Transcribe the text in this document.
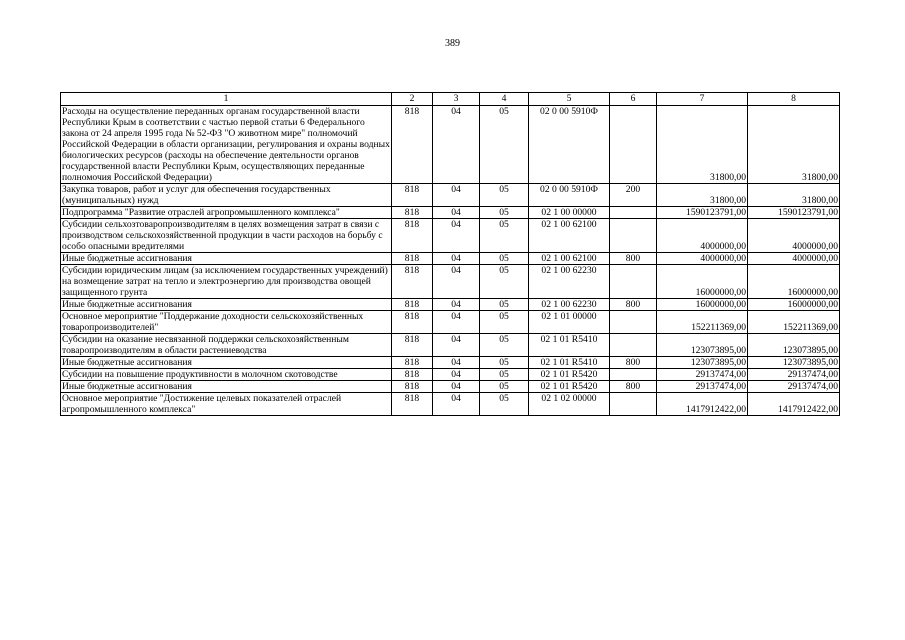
389
1	2	3	4	5	6	7	8
Расходы на осуществление переданных органам государственной власти Республики Крым в соответствии с частью первой статьи 6 Федерального закона от 24 апреля 1995 года № 52-ФЗ "О животном мире" полномочий Российской Федерации в области организации, регулирования и охраны водных биологических ресурсов (расходы на обеспечение деятельности органов государственной власти Республики Крым, осуществляющих переданные полномочия Российской Федерации)	818	04	05	02 0 00 5910Ф		31800,00	31800,00
Закупка товаров, работ и услуг для обеспечения государственных (муниципальных) нужд	818	04	05	02 0 00 5910Ф	200	31800,00	31800,00
Подпрограмма "Развитие отраслей агропромышленного комплекса"	818	04	05	02 1 00 00000		1590123791,00	1590123791,00
Субсидии сельхозтоваропроизводителям в целях возмещения затрат в связи с производством сельскохозяйственной продукции в части расходов на борьбу с особо опасными вредителями	818	04	05	02 1 00 62100		4000000,00	4000000,00
Иные бюджетные ассигнования	818	04	05	02 1 00 62100	800	4000000,00	4000000,00
Субсидии юридическим лицам (за исключением государственных учреждений) на возмещение затрат на тепло и электроэнергию для производства овощей защищенного грунта	818	04	05	02 1 00 62230		16000000,00	16000000,00
Иные бюджетные ассигнования	818	04	05	02 1 00 62230	800	16000000,00	16000000,00
Основное мероприятие "Поддержание доходности сельскохозяйственных товаропроизводителей"	818	04	05	02 1 01 00000		152211369,00	152211369,00
Субсидии на оказание несвязанной поддержки сельскохозяйственным товаропроизводителям в области растениеводства	818	04	05	02 1 01 R5410		123073895,00	123073895,00
Иные бюджетные ассигнования	818	04	05	02 1 01 R5410	800	123073895,00	123073895,00
Субсидии на повышение продуктивности в молочном скотоводстве	818	04	05	02 1 01 R5420		29137474,00	29137474,00
Иные бюджетные ассигнования	818	04	05	02 1 01 R5420	800	29137474,00	29137474,00
Основное мероприятие "Достижение целевых показателей отраслей агропромышленного комплекса"	818	04	05	02 1 02 00000		1417912422,00	1417912422,00
